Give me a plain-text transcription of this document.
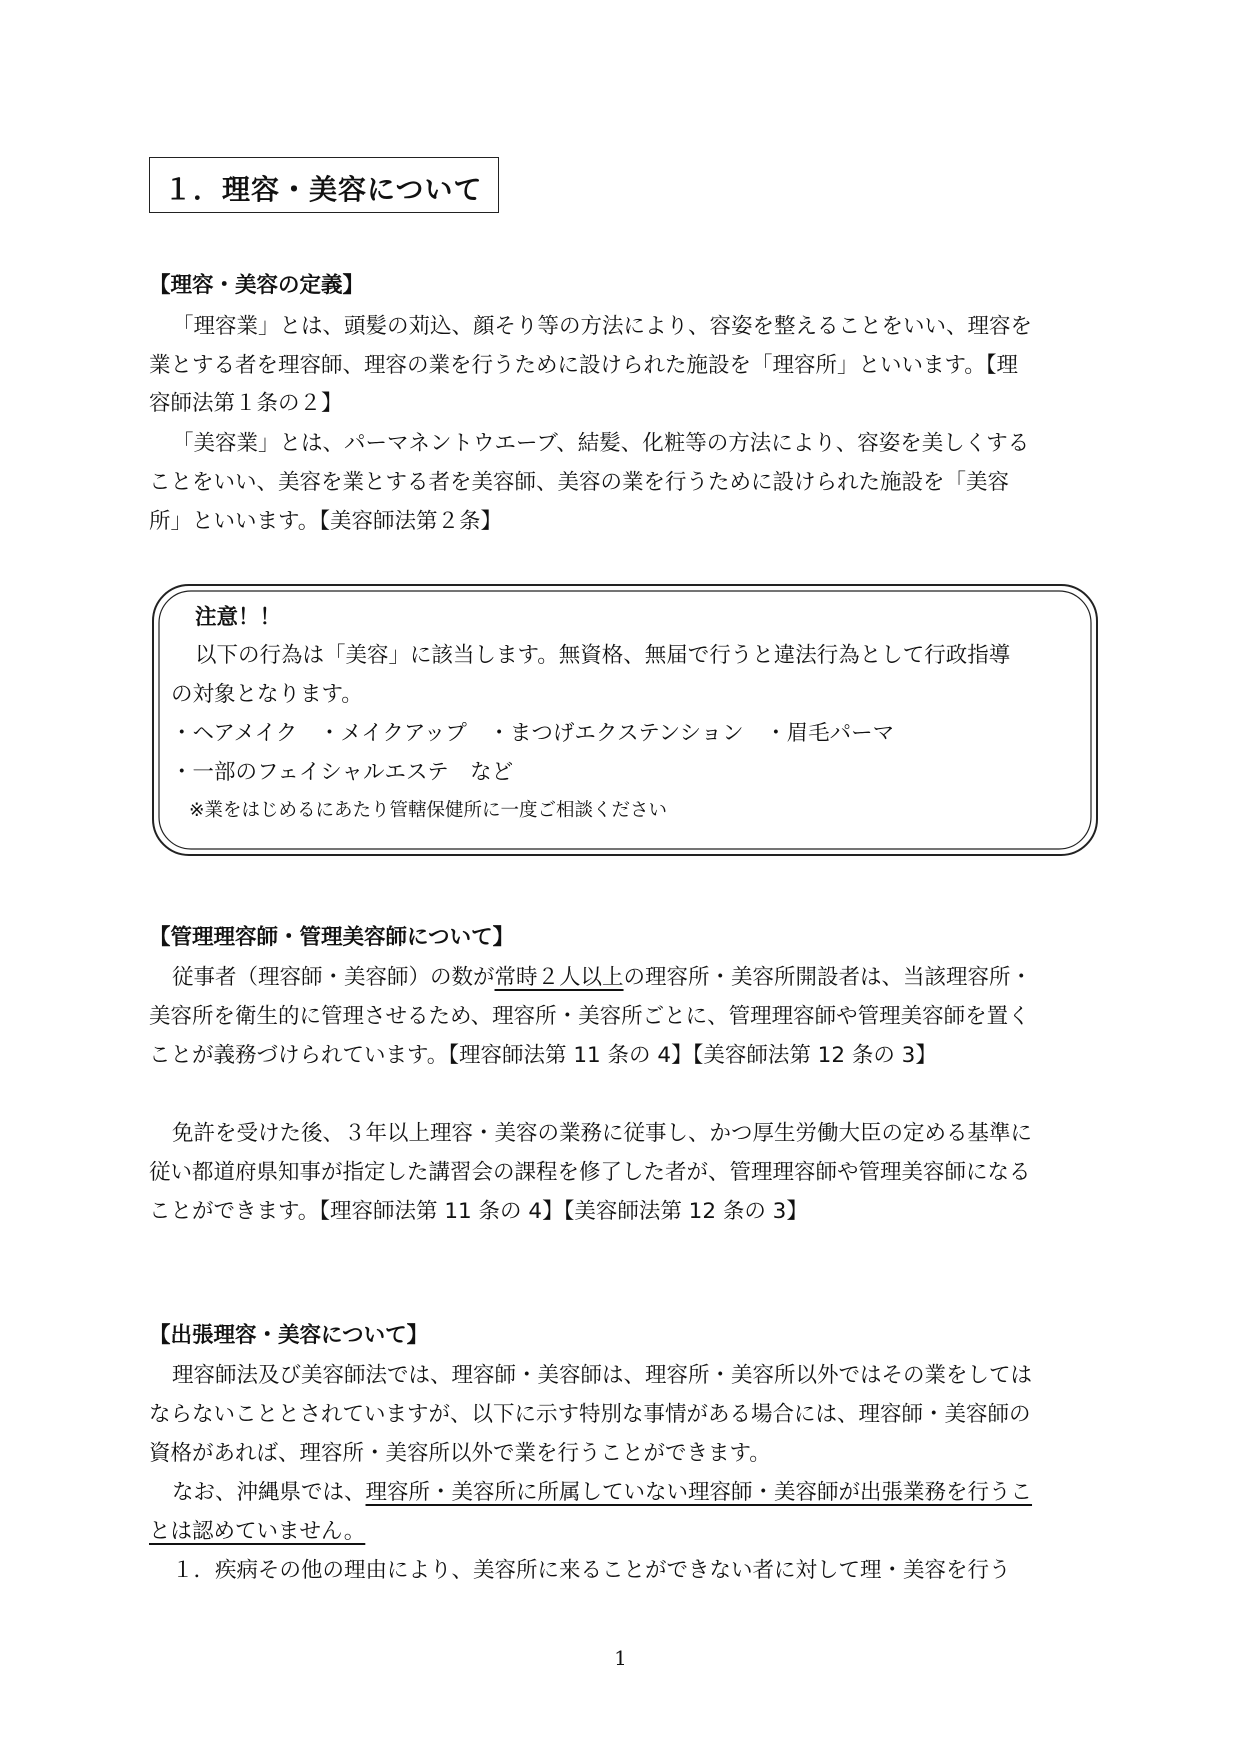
１．理容・美容について
【理容・美容の定義】
「理容業」とは、頭髪の苅込、顔そり等の方法により、容姿を整えることをいい、理容を
業とする者を理容師、理容の業を行うために設けられた施設を「理容所」といいます。【理
容師法第１条の２】
「美容業」とは、パーマネントウエーブ、結髪、化粧等の方法により、容姿を美しくする
ことをいい、美容を業とする者を美容師、美容の業を行うために設けられた施設を「美容
所」といいます。【美容師法第２条】
注意！！
以下の行為は「美容」に該当します。無資格、無届で行うと違法行為として行政指導
の対象となります。
・ヘアメイク　・メイクアップ　・まつげエクステンション　・眉毛パーマ
・一部のフェイシャルエステ　など
※業をはじめるにあたり管轄保健所に一度ご相談ください
【管理理容師・管理美容師について】
従事者（理容師・美容師）の数が常時２人以上の理容所・美容所開設者は、当該理容所・
美容所を衛生的に管理させるため、理容所・美容所ごとに、管理理容師や管理美容師を置く
ことが義務づけられています。【理容師法第 11 条の 4】【美容師法第 12 条の 3】
免許を受けた後、３年以上理容・美容の業務に従事し、かつ厚生労働大臣の定める基準に
従い都道府県知事が指定した講習会の課程を修了した者が、管理理容師や管理美容師になる
ことができます。【理容師法第 11 条の 4】【美容師法第 12 条の 3】
【出張理容・美容について】
理容師法及び美容師法では、理容師・美容師は、理容所・美容所以外ではその業をしては
ならないこととされていますが、以下に示す特別な事情がある場合には、理容師・美容師の
資格があれば、理容所・美容所以外で業を行うことができます。
なお、沖縄県では、理容所・美容所に所属していない理容師・美容師が出張業務を行うこ
とは認めていません。
１．疾病その他の理由により、美容所に来ることができない者に対して理・美容を行う
1
